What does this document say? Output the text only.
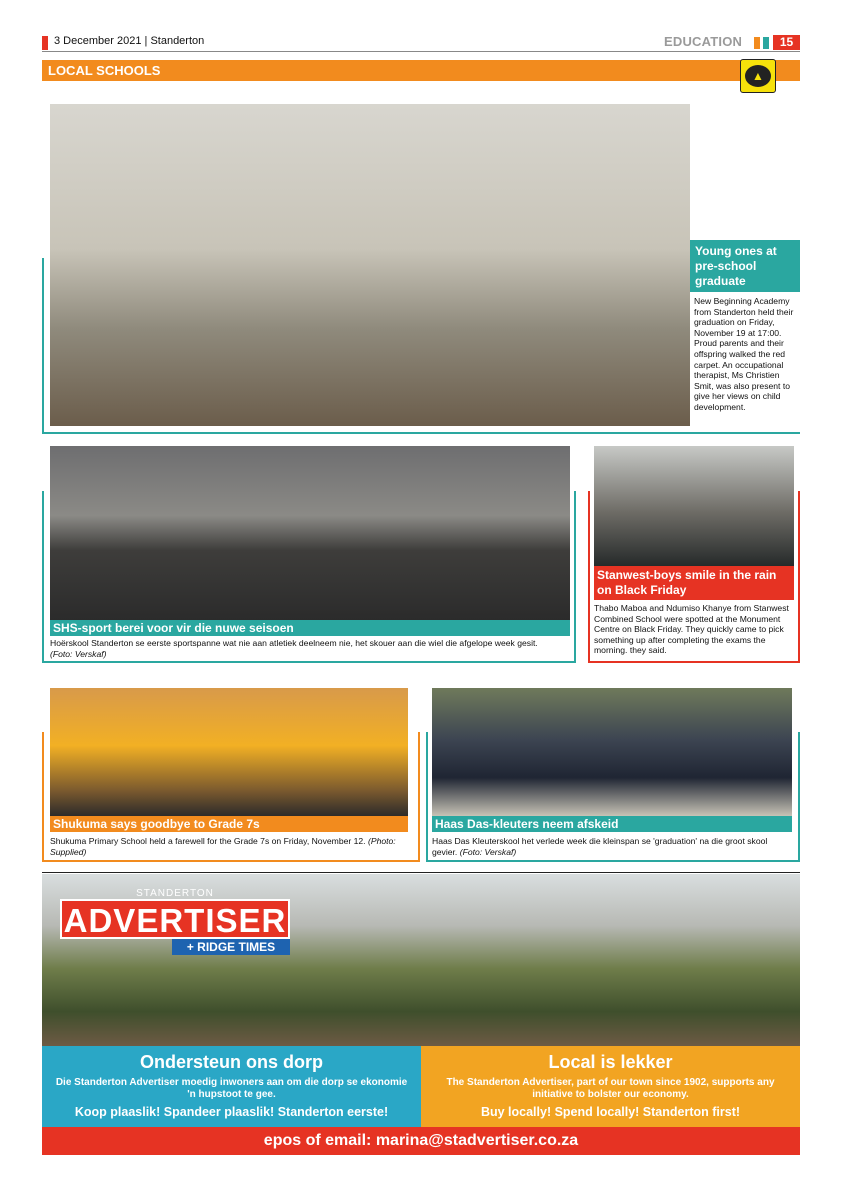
3 December 2021 | Standerton	EDUCATION	15
LOCAL SCHOOLS	▲
Young ones at pre-school graduate
New Beginning Academy from Standerton held their graduation on Friday, November 19 at 17:00. Proud parents and their offspring walked the red carpet. An occupational therapist, Ms Christien Smit, was also present to give her views on child development.
SHS-sport berei voor vir die nuwe seisoen
Hoërskool Standerton se eerste sportspanne wat nie aan atletiek deelneem nie, het skouer aan die wiel die afgelope week gesit.
(Foto: Verskaf)
Stanwest-boys smile in the rain on Black Friday
Thabo Maboa and Ndumiso Khanye from Stanwest Combined School were spotted at the Monument Centre on Black Friday. They quickly came to pick something up after completing the exams the morning. they said.
Shukuma says goodbye to Grade 7s
Shukuma Primary School held a farewell for the Grade 7s on Friday, November 12. (Photo: Supplied)
Haas Das-kleuters neem afskeid
Haas Das Kleuterskool het verlede week die kleinspan se 'graduation' na die groot skool gevier. (Foto: Verskaf)
STANDERTON
ADVERTISER
+ RIDGE TIMES
Ondersteun ons dorp
Die Standerton Advertiser moedig inwoners aan om die dorp se ekonomie 'n hupstoot te gee.
Koop plaaslik! Spandeer plaaslik! Standerton eerste!
Local is lekker
The Standerton Advertiser, part of our town since 1902, supports any initiative to bolster our economy.
Buy locally! Spend locally! Standerton first!
epos of email: marina@stadvertiser.co.za
